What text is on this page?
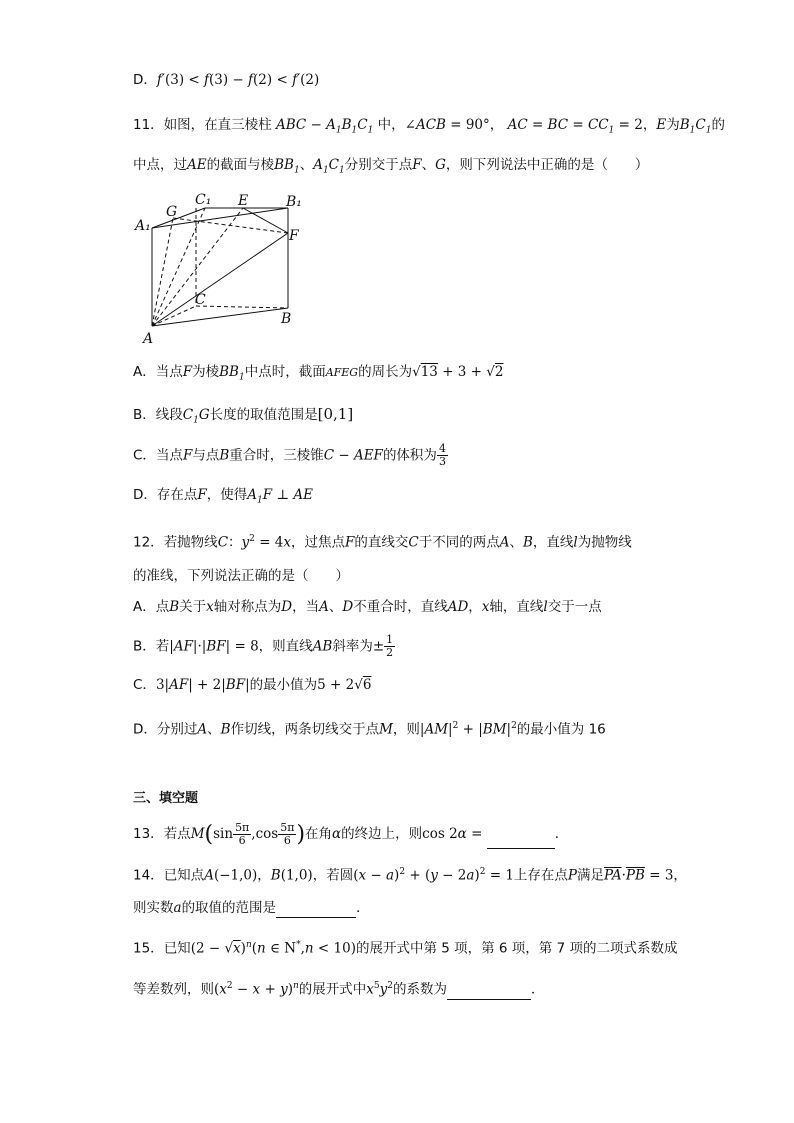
D．f′(3) < f(3) − f(2) < f′(2)
11．如图，在直三棱柱 ABC − $A_1B_1C_1$ 中，∠ACB = 90°， AC = BC = $CC_1 = 2$，E为$B_1C_1$的
中点，过AE的截面与棱$BB_1$、$A_1C_1$分别交于点F、G，则下列说法中正确的是（　　）
A₁
G
C₁ E	B₁
F
C
B
A
A．当点F为棱$BB_1$中点时，截面AFEG的周长为√13 + 3 + √2
B．线段$C_1G$长度的取值范围是[0,1]
C．当点F与点B重合时，三棱锥C − AEF的体积为 $\frac{4}{3}$
D．存在点F，使得$A_1F$ ⊥ AE
12．若抛物线C：$y^2 = 4x$，过焦点F的直线交C于不同的两点A、B，直线l为抛物线
的准线，下列说法正确的是（　　）
A．点B关于x轴对称点为D，当A、D不重合时，直线AD，x轴，直线l交于一点
B．若|AF|·|BF| = 8，则直线AB斜率为± $\frac{1}{2}$
C．3|AF| + 2|BF|的最小值为5 + 2√6
D．分别过A、B作切线，两条切线交于点M，则$|AM|^2 + |BM|^2$的最小值为 16
三、填空题
13．若点$M(\sin \frac{5\pi}{6} ,\cos \frac{5\pi}{6}$ )在角α的终边上，则cos 2α =	．
14．已知点A(−1,0)，B(1,0)，若圆$(x - a)^2 + (y - 2a)^2 = 1$上存在点P满足$\overline{PA}\cdot\overline{PB} = 3$，
则实数a的取值的范围是	．
15．已知$(2 - √x)^n(n$ ∈ N*,n < 10)的展开式中第 5 项，第 6 项，第 7 项的二项式系数成
等差数列，则$(x^2 - x + y)^n$的展开式中$x^5y^2$的系数为	．
